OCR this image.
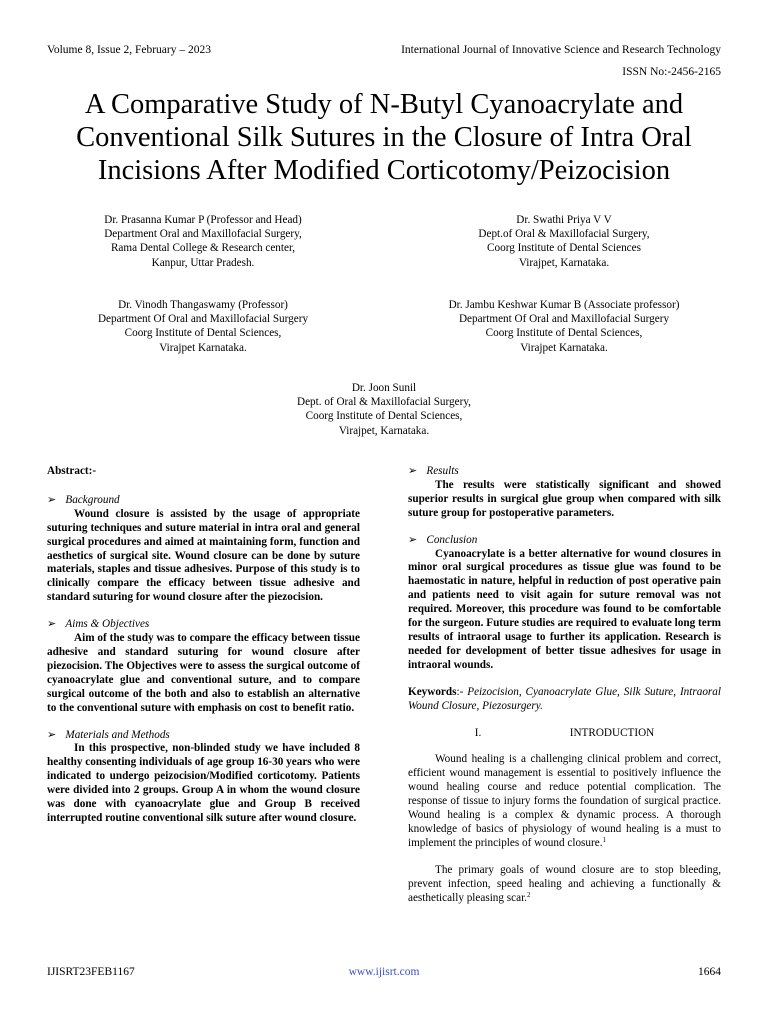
Volume 8, Issue 2, February – 2023	International Journal of Innovative Science and Research Technology
ISSN No:-2456-2165
A Comparative Study of N-Butyl Cyanoacrylate and Conventional Silk Sutures in the Closure of Intra Oral Incisions After Modified Corticotomy/Peizocision
Dr. Prasanna Kumar P (Professor and Head)
Department Oral and Maxillofacial Surgery,
Rama Dental College & Research center,
Kanpur, Uttar Pradesh.
Dr. Swathi Priya V V
Dept.of Oral & Maxillofacial Surgery,
Coorg Institute of Dental Sciences
Virajpet, Karnataka.
Dr. Vinodh Thangaswamy (Professor)
Department Of Oral and Maxillofacial Surgery
Coorg Institute of Dental Sciences,
Virajpet Karnataka.
Dr. Jambu Keshwar Kumar B (Associate professor)
Department Of Oral and Maxillofacial Surgery
Coorg Institute of Dental Sciences,
Virajpet Karnataka.
Dr. Joon Sunil
Dept. of Oral & Maxillofacial Surgery,
Coorg Institute of Dental Sciences,
Virajpet, Karnataka.

Abstract:-

➢ Background

Wound closure is assisted by the usage of appropriate suturing techniques and suture material in intra oral and general surgical procedures and aimed at maintaining form, function and aesthetics of surgical site. Wound closure can be done by suture materials, staples and tissue adhesives. Purpose of this study is to clinically compare the efficacy between tissue adhesive and standard suturing for wound closure after the piezocision.

➢ Aims & Objectives

Aim of the study was to compare the efficacy between tissue adhesive and standard suturing for wound closure after piezocision. The Objectives were to assess the surgical outcome of cyanoacrylate glue and conventional suture, and to compare surgical outcome of the both and also to establish an alternative to the conventional suture with emphasis on cost to benefit ratio.

➢ Materials and Methods

In this prospective, non-blinded study we have included 8 healthy consenting individuals of age group 16-30 years who were indicated to undergo peizocision/Modified corticotomy. Patients were divided into 2 groups. Group A in whom the wound closure was done with cyanoacrylate glue and Group B received interrupted routine conventional silk suture after wound closure.

➢ Results

The results were statistically significant and showed superior results in surgical glue group when compared with silk suture group for postoperative parameters.

➢ Conclusion

Cyanoacrylate is a better alternative for wound closures in minor oral surgical procedures as tissue glue was found to be haemostatic in nature, helpful in reduction of post operative pain and patients need to visit again for suture removal was not required. Moreover, this procedure was found to be comfortable for the surgeon. Future studies are required to evaluate long term results of intraoral usage to further its application. Research is needed for development of better tissue adhesives for usage in intraoral wounds.

Keywords:- Peizocision, Cyanoacrylate Glue, Silk Suture, Intraoral Wound Closure, Piezosurgery.

I.	INTRODUCTION

Wound healing is a challenging clinical problem and correct, efficient wound management is essential to positively influence the wound healing course and reduce potential complication. The response of tissue to injury forms the foundation of surgical practice. Wound healing is a complex & dynamic process. A thorough knowledge of basics of physiology of wound healing is a must to implement the principles of wound closure.$^1$

The primary goals of wound closure are to stop bleeding, prevent infection, speed healing and achieving a functionally & aesthetically pleasing scar.$^2$

IJISRT23FEB1167	www.ijisrt.com	1664
